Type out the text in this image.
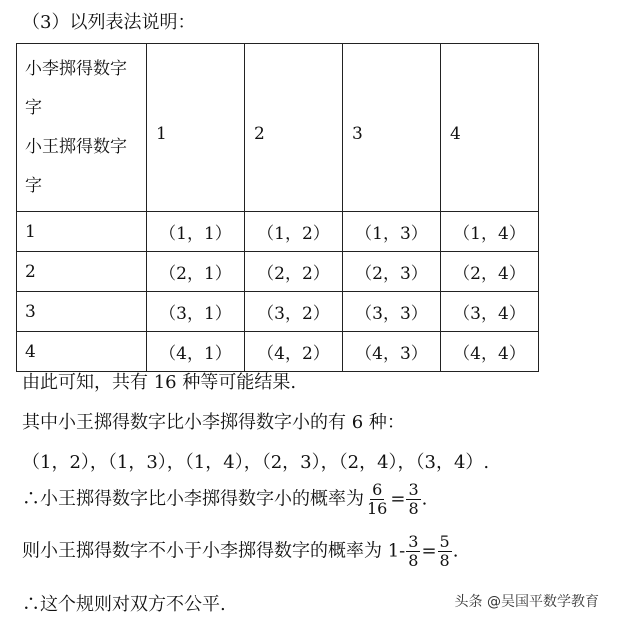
（3）以列表法说明：
小李掷得数字
字
小王掷得数字
字	1	2	3	4
1	（1，1）	（1，2）	（1，3）	（1，4）
2	（2，1）	（2，2）	（2，3）	（2，4）
3	（3，1）	（3，2）	（3，3）	（3，4）
4	（4，1）	（4，2）	（4，3）	（4，4）
由此可知，共有 16 种等可能结果.
其中小王掷得数字比小李掷得数字小的有 6 种：
（1，2），（1，3），（1，4），（2，3），（2，4），（3，4）.
∴小王掷得数字比小李掷得数字小的概率为 $\frac{6}{16} = \frac{3}{8}$ .
则小王掷得数字不小于小李掷得数字的概率为 $1- \frac{3}{8} = \frac{5}{8}$ .
∴这个规则对双方不公平.	头条 @吴国平数学教育
